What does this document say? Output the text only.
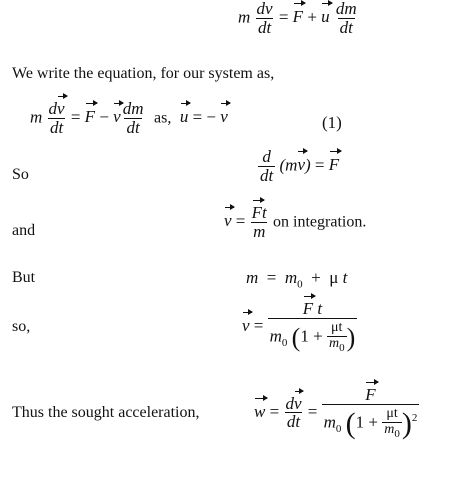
m $\frac{dv}{dt} = F + u \frac{dm}{dt}$
We write the equation, for our system as,
m $\frac{dv}{dt} = F - v \frac{dm}{dt}$ as, u = − v	(1)
So	$\frac{d}{dt} (mv) = F$
and
$v = \frac{Ft}{m}$ on integration.
But	$m = m_0 + \mu$ t
so,	$v = \frac{\text{F t}}{m_0 (1 + \frac{\mu t}{m_0} )}$
Thus the sought acceleration,	$w = \frac{dv}{dt}$ =
F
$m_0$ $(1 + \frac{\mu t}{m_0} )^2$
